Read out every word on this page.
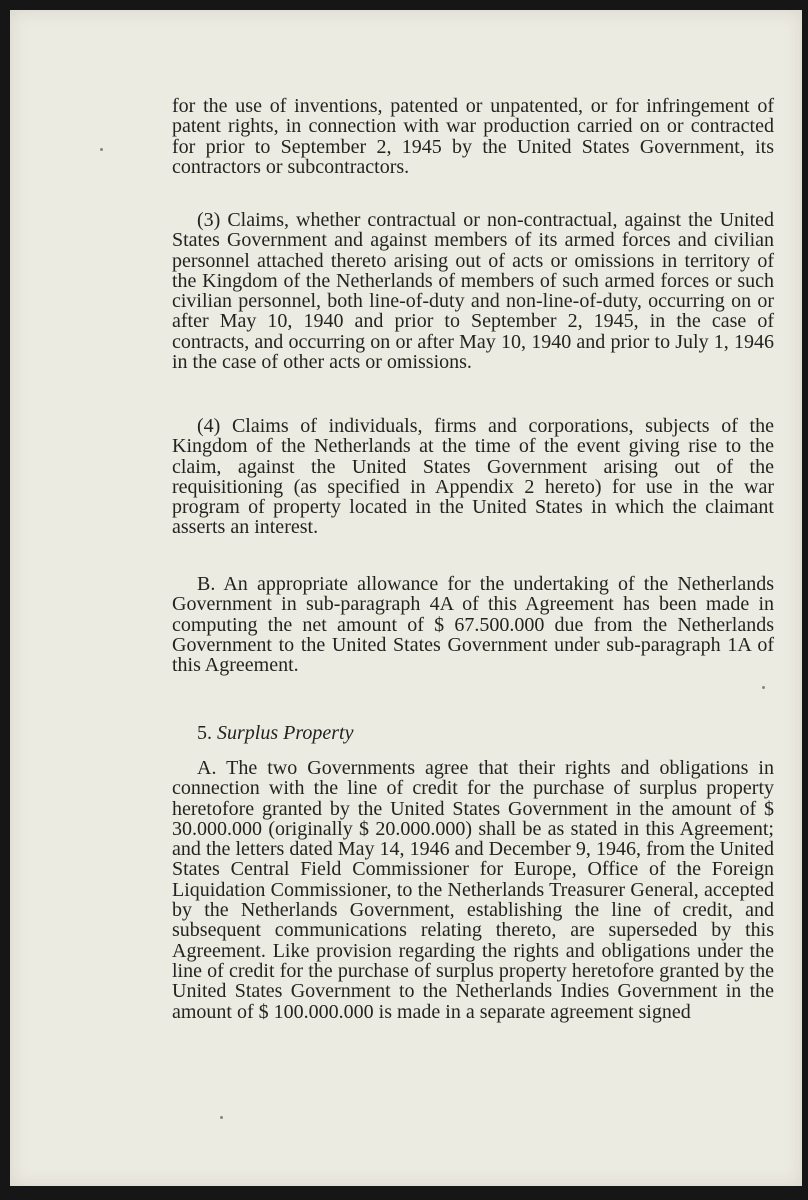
for the use of inventions, patented or unpatented, or for infringement of patent rights, in connection with war production carried on or contracted for prior to September 2, 1945 by the United States Government, its contractors or subcontractors.

(3) Claims, whether contractual or non-contractual, against the United States Government and against members of its armed forces and civilian personnel attached thereto arising out of acts or omissions in territory of the Kingdom of the Netherlands of members of such armed forces or such civilian personnel, both line-of-duty and non-line-of-duty, occurring on or after May 10, 1940 and prior to September 2, 1945, in the case of contracts, and occurring on or after May 10, 1940 and prior to July 1, 1946 in the case of other acts or omissions.

(4) Claims of individuals, firms and corporations, subjects of the Kingdom of the Netherlands at the time of the event giving rise to the claim, against the United States Government arising out of the requisitioning (as specified in Appendix 2 hereto) for use in the war program of property located in the United States in which the claimant asserts an interest.

B. An appropriate allowance for the undertaking of the Netherlands Government in sub-paragraph 4A of this Agreement has been made in computing the net amount of $ 67.500.000 due from the Netherlands Government to the United States Government under sub-paragraph 1A of this Agreement.

5. Surplus Property

A. The two Governments agree that their rights and obligations in connection with the line of credit for the purchase of surplus property heretofore granted by the United States Government in the amount of $ 30.000.000 (originally $ 20.000.000) shall be as stated in this Agreement; and the letters dated May 14, 1946 and December 9, 1946, from the United States Central Field Commissioner for Europe, Office of the Foreign Liquidation Commissioner, to the Netherlands Treasurer General, accepted by the Netherlands Government, establishing the line of credit, and subsequent communications relating thereto, are superseded by this Agreement. Like provision regarding the rights and obligations under the line of credit for the purchase of surplus property heretofore granted by the United States Government to the Netherlands Indies Government in the amount of $ 100.000.000 is made in a separate agreement signed
